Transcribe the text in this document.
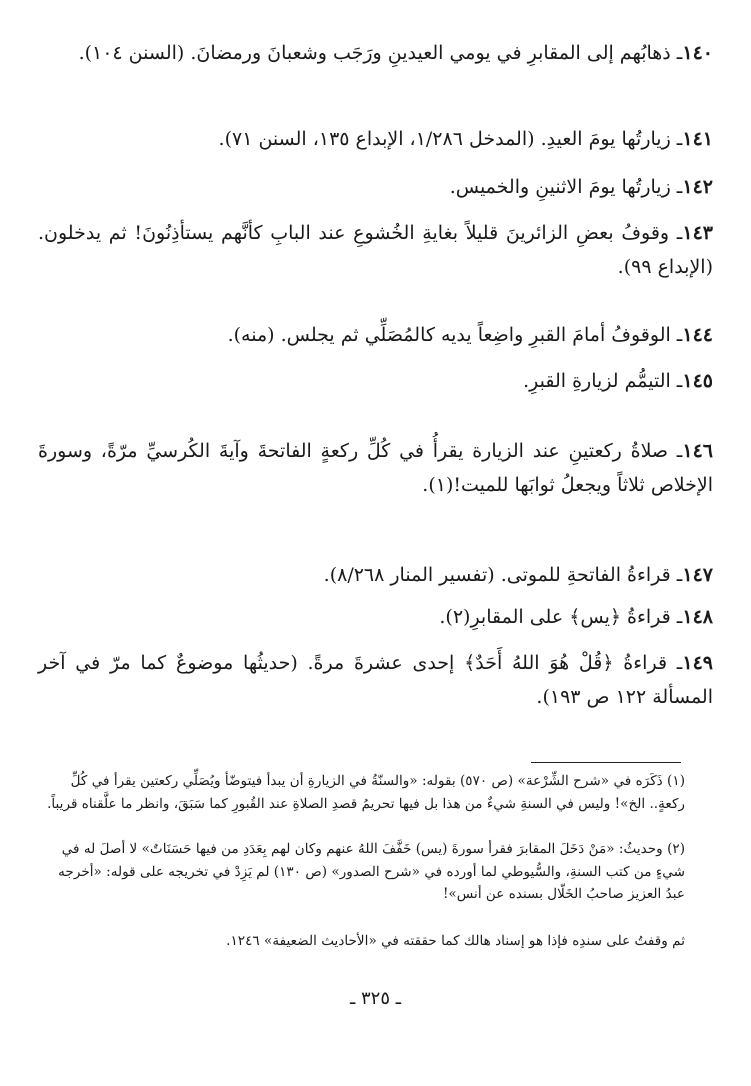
١٤٠ـ ذهابُهم إلى المقابرِ في يومي العيدينِ ورَجَب وشعبانَ ورمضانَ. (السنن ١٠٤).
١٤١ـ زيارتُها يومَ العيدِ. (المدخل ١/٢٨٦، الإبداع ١٣٥، السنن ٧١).
١٤٢ـ زيارتُها يومَ الاثنينِ والخميس.
١٤٣ـ وقوفُ بعضِ الزائرينَ قليلاً بغايةِ الخُشوعِ عند البابِ كأنَّهم يستأذِنُونَ! ثم يدخلون. (الإبداع ٩٩).
١٤٤ـ الوقوفُ أمامَ القبرِ واضِعاً يديه كالمُصَلِّي ثم يجلس. (منه).
١٤٥ـ التيمُّم لزيارةِ القبرِ.
١٤٦ـ صلاةُ ركعتينِ عند الزيارة يقرأُ في كُلِّ ركعةٍ الفاتحةَ وآيةَ الكُرسيِّ مرّةً، وسورةَ الإخلاص ثلاثاً ويجعلُ ثوابَها للميت!(١).
١٤٧ـ قراءةُ الفاتحةِ للموتى. (تفسير المنار ٨/٢٦٨).
١٤٨ـ قراءةُ ﴿يس﴾ على المقابرِ(٢).
١٤٩ـ قراءةُ ﴿قُلْ هُوَ اللهُ أَحَدٌ﴾ إحدى عشرةَ مرةً. (حديثُها موضوعٌ كما مرّ في آخر المسألة ١٢٢ ص ١٩٣).
(١) ذَكَرَه في «شرح الشِّرْعة» (ص ٥٧٠) بقوله: «والسنّةُ في الزيارةِ أن يبدأ فيتوضّأ ويُصَلِّي ركعتين يقرأ في كُلِّ ركعةٍ.. الخ»! وليس في السنةِ شيءٌ من هذا بل فيها تحريمُ قصدِ الصلاةِ عند القُبورِ كما سَبَقَ، وانظر ما علَّقناه قريباً.
(٢) وحديثُ: «مَنْ دَخَلَ المقابرَ فقرأ سورةَ (يس) خَفَّفَ اللهُ عنهم وكان لهم بِعَدَدِ من فيها حَسَنَاتٌ» لا أصلَ له في شيءٍ من كتب السنةِ، والسُّيوطي لما أورده في «شرح الصدور» (ص ١٣٠) لم يَزِدْ في تخريجه على قوله: «أخرجه عبدُ العزيز صاحبُ الخَلّال بسنده عن أنس»!
ثم وقفتُ على سندِه فإذا هو إسناد هالك كما حققته في «الأحاديث الضعيفة» ١٢٤٦.
ـ ٣٢٥ ـ
